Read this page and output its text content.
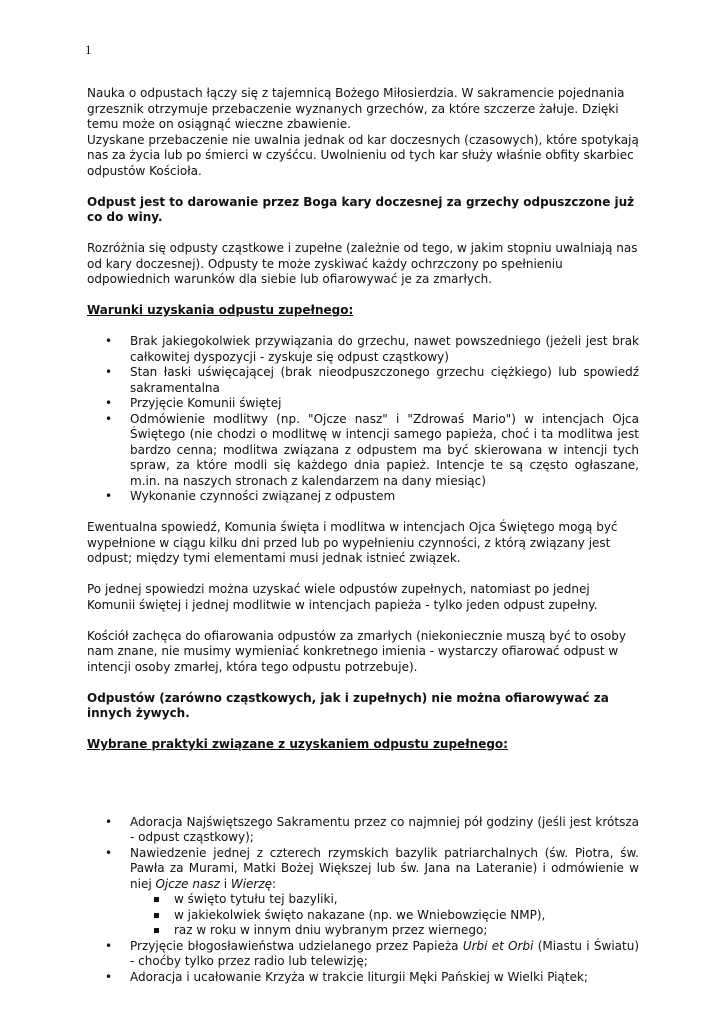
1

Nauka o odpustach łączy się z tajemnicą Bożego Miłosierdzia. W sakramencie pojednania grzesznik otrzymuje przebaczenie wyznanych grzechów, za które szczerze żałuje. Dzięki temu może on osiągnąć wieczne zbawienie.

Uzyskane przebaczenie nie uwalnia jednak od kar doczesnych (czasowych), które spotykają nas za życia lub po śmierci w czyśćcu. Uwolnieniu od tych kar służy właśnie obfity skarbiec odpustów Kościoła.

Odpust jest to darowanie przez Boga kary doczesnej za grzechy odpuszczone już co do winy.

Rozróżnia się odpusty cząstkowe i zupełne (zależnie od tego, w jakim stopniu uwalniają nas od kary doczesnej). Odpusty te może zyskiwać każdy ochrzczony po spełnieniu odpowiednich warunków dla siebie lub ofiarowywać je za zmarłych.

Warunki uzyskania odpustu zupełnego:

• Brak jakiegokolwiek przywiązania do grzechu, nawet powszedniego (jeżeli jest brak całkowitej dyspozycji - zyskuje się odpust cząstkowy)
• Stan łaski uświęcającej (brak nieodpuszczonego grzechu ciężkiego) lub spowiedź sakramentalna
• Przyjęcie Komunii świętej
• Odmówienie modlitwy (np. "Ojcze nasz" i "Zdrowaś Mario") w intencjach Ojca Świętego (nie chodzi o modlitwę w intencji samego papieża, choć i ta modlitwa jest bardzo cenna; modlitwa związana z odpustem ma być skierowana w intencji tych spraw, za które modli się każdego dnia papież. Intencje te są często ogłaszane, m.in. na naszych stronach z kalendarzem na dany miesiąc)
• Wykonanie czynności związanej z odpustem

Ewentualna spowiedź, Komunia święta i modlitwa w intencjach Ojca Świętego mogą być wypełnione w ciągu kilku dni przed lub po wypełnieniu czynności, z którą związany jest odpust; między tymi elementami musi jednak istnieć związek.

Po jednej spowiedzi można uzyskać wiele odpustów zupełnych, natomiast po jednej Komunii świętej i jednej modlitwie w intencjach papieża - tylko jeden odpust zupełny.

Kościół zachęca do ofiarowania odpustów za zmarłych (niekoniecznie muszą być to osoby nam znane, nie musimy wymieniać konkretnego imienia - wystarczy ofiarować odpust w intencji osoby zmarłej, która tego odpustu potrzebuje).

Odpustów (zarówno cząstkowych, jak i zupełnych) nie można ofiarowywać za innych żywych.

Wybrane praktyki związane z uzyskaniem odpustu zupełnego:

• Adoracja Najświętszego Sakramentu przez co najmniej pół godziny (jeśli jest krótsza - odpust cząstkowy);
• Nawiedzenie jednej z czterech rzymskich bazylik patriarchalnych (św. Piotra, św. Pawła za Murami, Matki Bożej Większej lub św. Jana na Lateranie) i odmówienie w niej Ojcze nasz i Wierzę:
w święto tytułu tej bazyliki,
w jakiekolwiek święto nakazane (np. we Wniebowzięcie NMP),
raz w roku w innym dniu wybranym przez wiernego;
• Przyjęcie błogosławieństwa udzielanego przez Papieża Urbi et Orbi (Miastu i Światu) - choćby tylko przez radio lub telewizję;
• Adoracja i ucałowanie Krzyża w trakcie liturgii Męki Pańskiej w Wielki Piątek;
